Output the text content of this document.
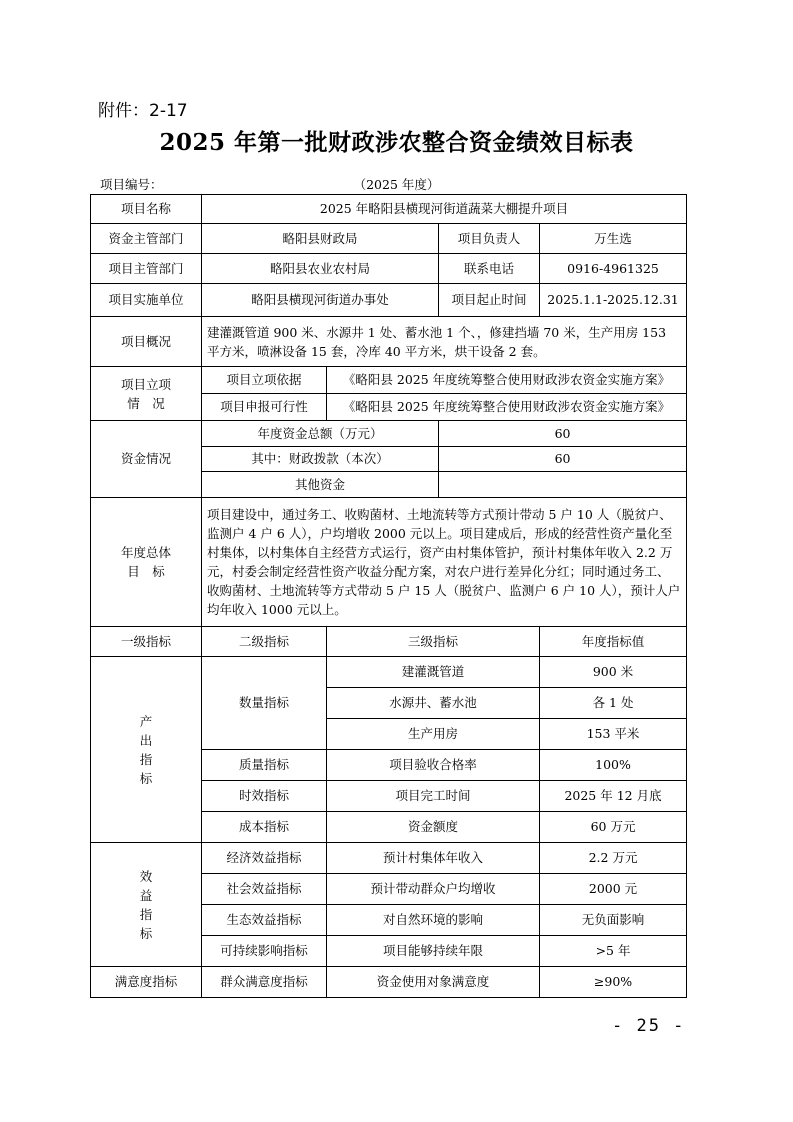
附件：2-17
2025 年第一批财政涉农整合资金绩效目标表
项目编号：	（2025 年度）
项目名称	2025 年略阳县横现河街道蔬菜大棚提升项目			
资金主管部门	略阳县财政局		项目负责人	万生选
项目主管部门	略阳县农业农村局		联系电话	0916-4961325
项目实施单位	略阳县横现河街道办事处		项目起止时间	2025.1.1-2025.12.31
项目概况	建灌溉管道 900 米、水源井 1 处、蓄水池 1 个、，修建挡墙 70 米，生产用房 153 平方米，喷淋设备 15 套，冷库 40 平方米，烘干设备 2 套。			

项目立项
情　况	项目立项依据	《略阳县 2025 年度统筹整合使用财政涉农资金实施方案》		
	项目申报可行性	《略阳县 2025 年度统筹整合使用财政涉农资金实施方案》		
资金情况	年度资金总额（万元）		60	
	其中：财政拨款（本次）		60	
	其他资金			

年度总体
目　标	项目建设中，通过务工、收购菌材、土地流转等方式预计带动 5 户 10 人（脱贫户、监测户 4 户 6 人），户均增收 2000 元以上。项目建成后，形成的经营性资产量化至村集体，以村集体自主经营方式运行，资产由村集体管护，预计村集体年收入 2.2 万元，村委会制定经营性资产收益分配方案，对农户进行差异化分红；同时通过务工、收购菌材、土地流转等方式带动 5 户 15 人（脱贫户、监测户 6 户 10 人），预计人户均年收入 1000 元以上。			
一级指标	二级指标	三级指标		年度指标值

产
出
指
标	数量指标	建灌溉管道		900 米
		水源井、蓄水池		各 1 处
		生产用房		153 平米
	质量指标	项目验收合格率		100%
	时效指标	项目完工时间		2025 年 12 月底
	成本指标	资金额度		60 万元

效
益
指
标	经济效益指标	预计村集体年收入		2.2 万元
	社会效益指标	预计带动群众户均增收		2000 元
	生态效益指标	对自然环境的影响		无负面影响
	可持续影响指标	项目能够持续年限		>5 年
满意度指标	群众满意度指标	资金使用对象满意度		≥90%
- 25 -
